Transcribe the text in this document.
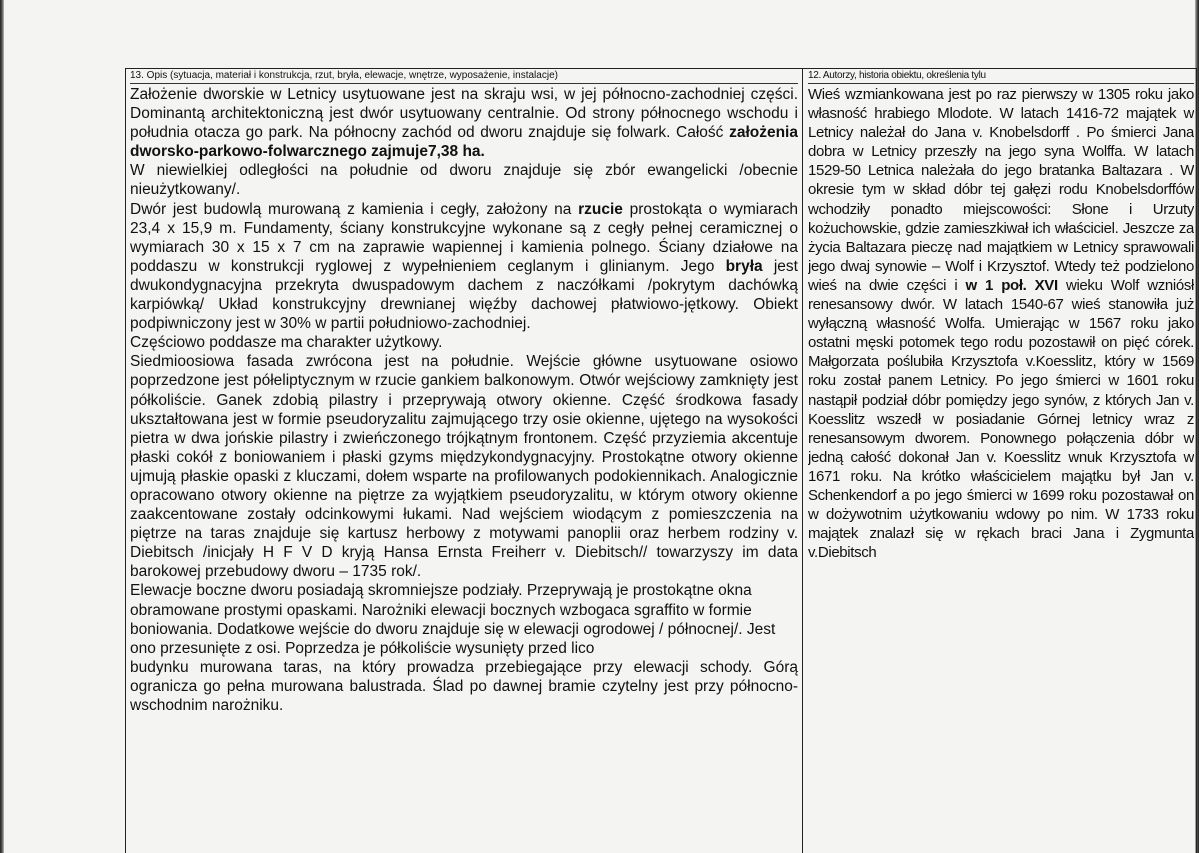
13. Opis (sytuacja, materiał i konstrukcja, rzut, bryła, elewacje, wnętrze, wyposażenie, instalacje)

Założenie dworskie w Letnicy usytuowane jest na skraju wsi, w jej północno-zachodniej części. Dominantą architektoniczną jest dwór usytuowany centralnie. Od strony północnego wschodu i południa otacza go park. Na północny zachód od dworu znajduje się folwark. Całość założenia dworsko-parkowo-folwarcznego zajmuje7,38 ha.

W niewielkiej odległości na południe od dworu znajduje się zbór ewangelicki /obecnie nieużytkowany/.

Dwór jest budowlą murowaną z kamienia i cegły, założony na rzucie prostokąta o wymiarach 23,4 x 15,9 m. Fundamenty, ściany konstrukcyjne wykonane są z cegły pełnej ceramicznej o wymiarach 30 x 15 x 7 cm na zaprawie wapiennej i kamienia polnego. Ściany działowe na poddaszu w konstrukcji ryglowej z wypełnieniem ceglanym i glinianym. Jego bryła jest dwukondygnacyjna przekryta dwuspadowym dachem z naczółkami /pokrytym dachówką karpiówką/ Układ konstrukcyjny drewnianej więźby dachowej płatwiowo-jętkowy. Obiekt podpiwniczony jest w 30% w partii południowo-zachodniej.

Częściowo poddasze ma charakter użytkowy.

Siedmioosiowa fasada zwrócona jest na południe. Wejście główne usytuowane osiowo poprzedzone jest półeliptycznym w rzucie gankiem balkonowym. Otwór wejściowy zamknięty jest półkoliście. Ganek zdobią pilastry i przeprуwają otwory okienne. Część środkowa fasady ukształtowana jest w formie pseudoryzalitu zajmującego trzy osie okienne, ujętego na wysokości pietra w dwa jońskie pilastry i zwieńczonego trójkątnym frontonem. Część przyziemia akcentuje płaski cokół z boniowaniem i płaski gzyms międzykondygnacyjny. Prostokątne otwory okienne ujmują płaskie opaski z kluczami, dołem wsparte na profilowanych podokiennikach. Analogicznie opracowano otwory okienne na piętrze za wyjątkiem pseudoryzalitu, w którym otwory okienne zaakcentowane zostały odcinkowymi łukami. Nad wejściem wiodącym z pomieszczenia na piętrze na taras znajduje się kartusz herbowy z motywami panoplii oraz herbem rodziny v. Diebitsch /inicjały H F V D kryją Hansa Ernsta Freiherr v. Diebitsch// towarzyszy im data barokowej przebudowy dworu – 1735 rok/.

Elewacje boczne dworu posiadają skromniejsze podziały. Przeprуwają je prostokątne okna obramowane prostymi opaskami. Narożniki elewacji bocznych wzbogaca sgraffito w formie boniowania. Dodatkowe wejście do dworu znajduje się w elewacji ogrodowej / północnej/. Jest ono przesunięte z osi. Poprzedza je półkoliście wysunięty przed lico

budynku murowana taras, na który prowadza przebiegające przy elewacji schody. Górą ogranicza go pełna murowana balustrada. Ślad po dawnej bramie czytelny jest przy północno-wschodnim narożniku.

12. Autorzy, historia obiektu, określenia tylu

Wieś wzmiankowana jest po raz pierwszy w 1305 roku jako własność hrabiego Mlodote. W latach 1416-72 majątek w Letnicy należał do Jana v. Knobelsdorff . Po śmierci Jana dobra w Letnicy przeszły na jego syna Wolffa. W latach 1529-50 Letnica należała do jego bratanka Baltazara . W okresie tym w skład dóbr tej gałęzi rodu Knobelsdorffów wchodziły ponadto miejscowości: Słone i Urzuty kożuchowskie, gdzie zamieszkiwał ich właściciel. Jeszcze za życia Baltazara pieczę nad majątkiem w Letnicy sprawowali jego dwaj synowie – Wolf i Krzysztof. Wtedy też podzielono wieś na dwie części i w 1 poł. XVI wieku Wolf wzniósł renesansowy dwór. W latach 1540-67 wieś stanowiła już wyłączną własność Wolfa. Umierając w 1567 roku jako ostatni męski potomek tego rodu pozostawił on pięć córek. Małgorzata poślubiła Krzysztofa v.Koesslitz, który w 1569 roku został panem Letnicy. Po jego śmierci w 1601 roku nastąpił podział dóbr pomiędzy jego synów, z których Jan v. Koesslitz wszedł w posiadanie Górnej letnicy wraz z renesansowym dworem. Ponownego połączenia dóbr w jedną całość dokonał Jan v. Koesslitz wnuk Krzysztofa w 1671 roku. Na krótko właścicielem majątku był Jan v. Schenkendorf a po jego śmierci w 1699 roku pozostawał on w dożywotnim użytkowaniu wdowy po nim. W 1733 roku majątek znalazł się w rękach braci Jana i Zygmunta v.Diebitsch
